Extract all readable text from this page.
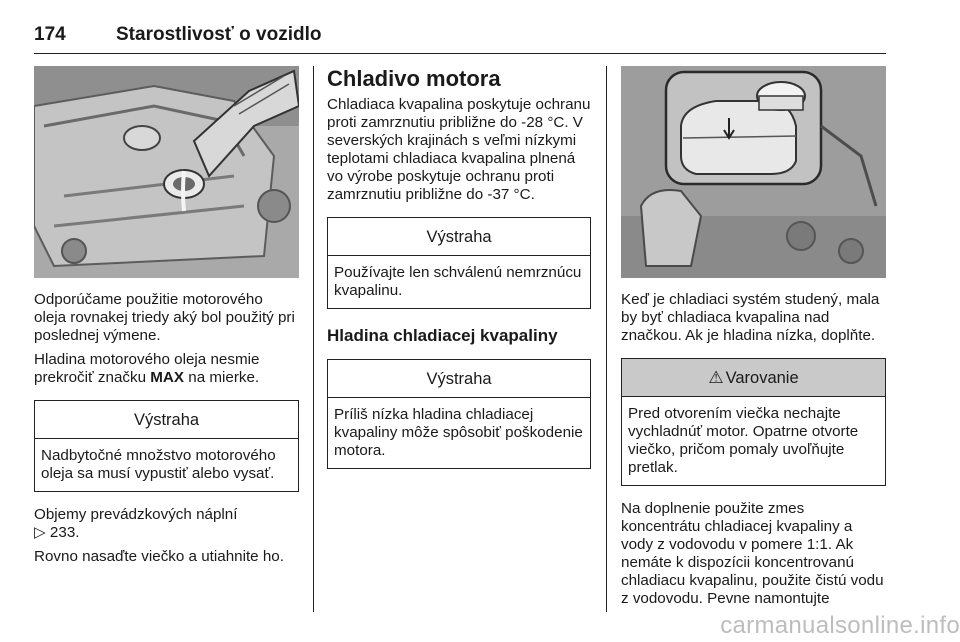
174	Starostlivosť o vozidlo

Odporúčame použitie motorového oleja rovnakej triedy aký bol použitý pri poslednej výmene.

Hladina motorového oleja nesmie prekročiť značku MAX na mierke.

Výstraha
Nadbytočné množstvo motorového oleja sa musí vypustiť alebo vysať.

Objemy prevádzkových náplní
▷ 233.

Rovno nasaďte viečko a utiahnite ho.

Chladivo motora

Chladiaca kvapalina poskytuje ochranu proti zamrznutiu približne do -28 °C. V severských krajinách s veľmi nízkymi teplotami chladiaca kvapalina plnená vo výrobe poskytuje ochranu proti zamrznutiu približne do -37 °C.

Výstraha
Používajte len schválenú nemrznúcu kvapalinu.
Hladina chladiacej kvapaliny
Výstraha
Príliš nízka hladina chladiacej kvapaliny môže spôsobiť poškodenie motora.

Keď je chladiaci systém studený, mala by byť chladiaca kvapalina nad značkou. Ak je hladina nízka, doplňte.

⚠ Varovanie
Pred otvorením viečka nechajte vychladnúť motor. Opatrne otvorte viečko, pričom pomaly uvoľňujte pretlak.

Na doplnenie použite zmes koncentrátu chladiacej kvapaliny a vody z vodovodu v pomere 1:1. Ak nemáte k dispozícii koncentrovanú chladiacu kvapalinu, použite čistú vodu z vodovodu. Pevne namontujte

carmanualsonline.info
